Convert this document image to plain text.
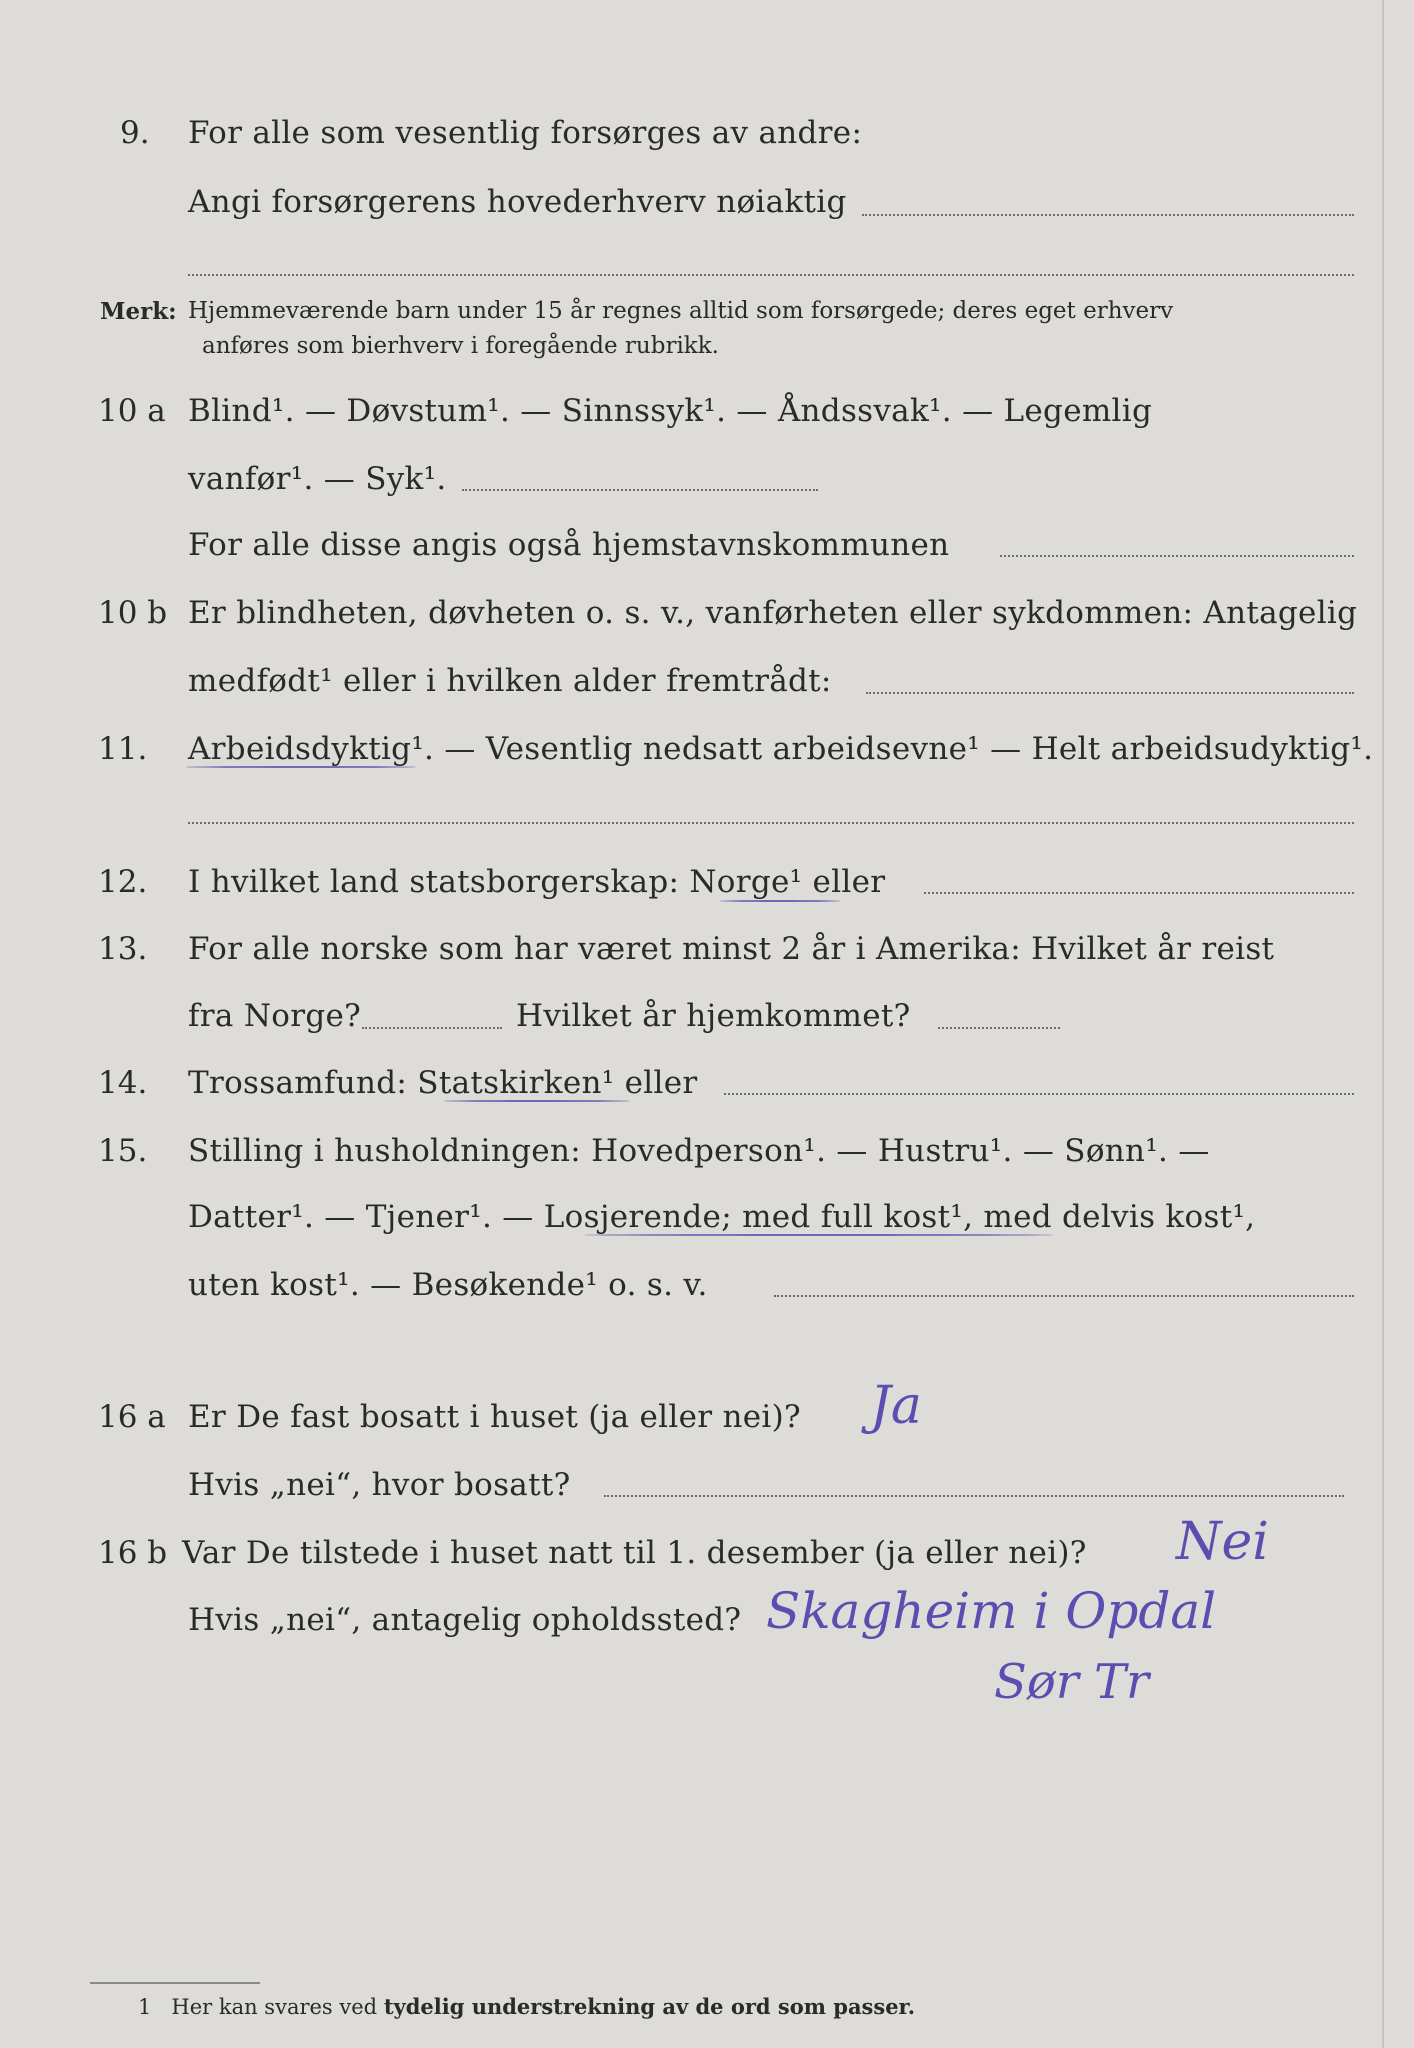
9. For alle som vesentlig forsørges av andre:
Angi forsørgerens hovederhverv nøiaktig
Merk: Hjemmeværende barn under 15 år regnes alltid som forsørgede; deres eget erhverv
anføres som bierhverv i foregående rubrikk.
10 a Blind¹. — Døvstum¹. — Sinnssyk¹. — Åndssvak¹. — Legemlig
vanfør¹. — Syk¹.
For alle disse angis også hjemstavnskommunen
10 b Er blindheten, døvheten o. s. v., vanførheten eller sykdommen: Antagelig
medfødt¹ eller i hvilken alder fremtrådt:
11. Arbeidsdyktig¹. — Vesentlig nedsatt arbeidsevne¹ — Helt arbeidsudyktig¹.
12. I hvilket land statsborgerskap: Norge¹ eller
13. For alle norske som har været minst 2 år i Amerika: Hvilket år reist
fra Norge?	Hvilket år hjemkommet?
14. Trossamfund: Statskirken¹ eller
15. Stilling i husholdningen: Hovedperson¹. — Hustru¹. — Sønn¹. —
Datter¹. — Tjener¹. — Losjerende; med full kost¹, med delvis kost¹,
uten kost¹. — Besøkende¹ o. s. v.
16 a Er De fast bosatt i huset (ja eller nei)? Ja
Hvis „nei“, hvor bosatt?
16 b Var De tilstede i huset natt til 1. desember (ja eller nei)? Nei
Hvis „nei“, antagelig opholdssted? Skagheim i Opdal
Sør Tr
1 Her kan svares ved tydelig understrekning av de ord som passer.
